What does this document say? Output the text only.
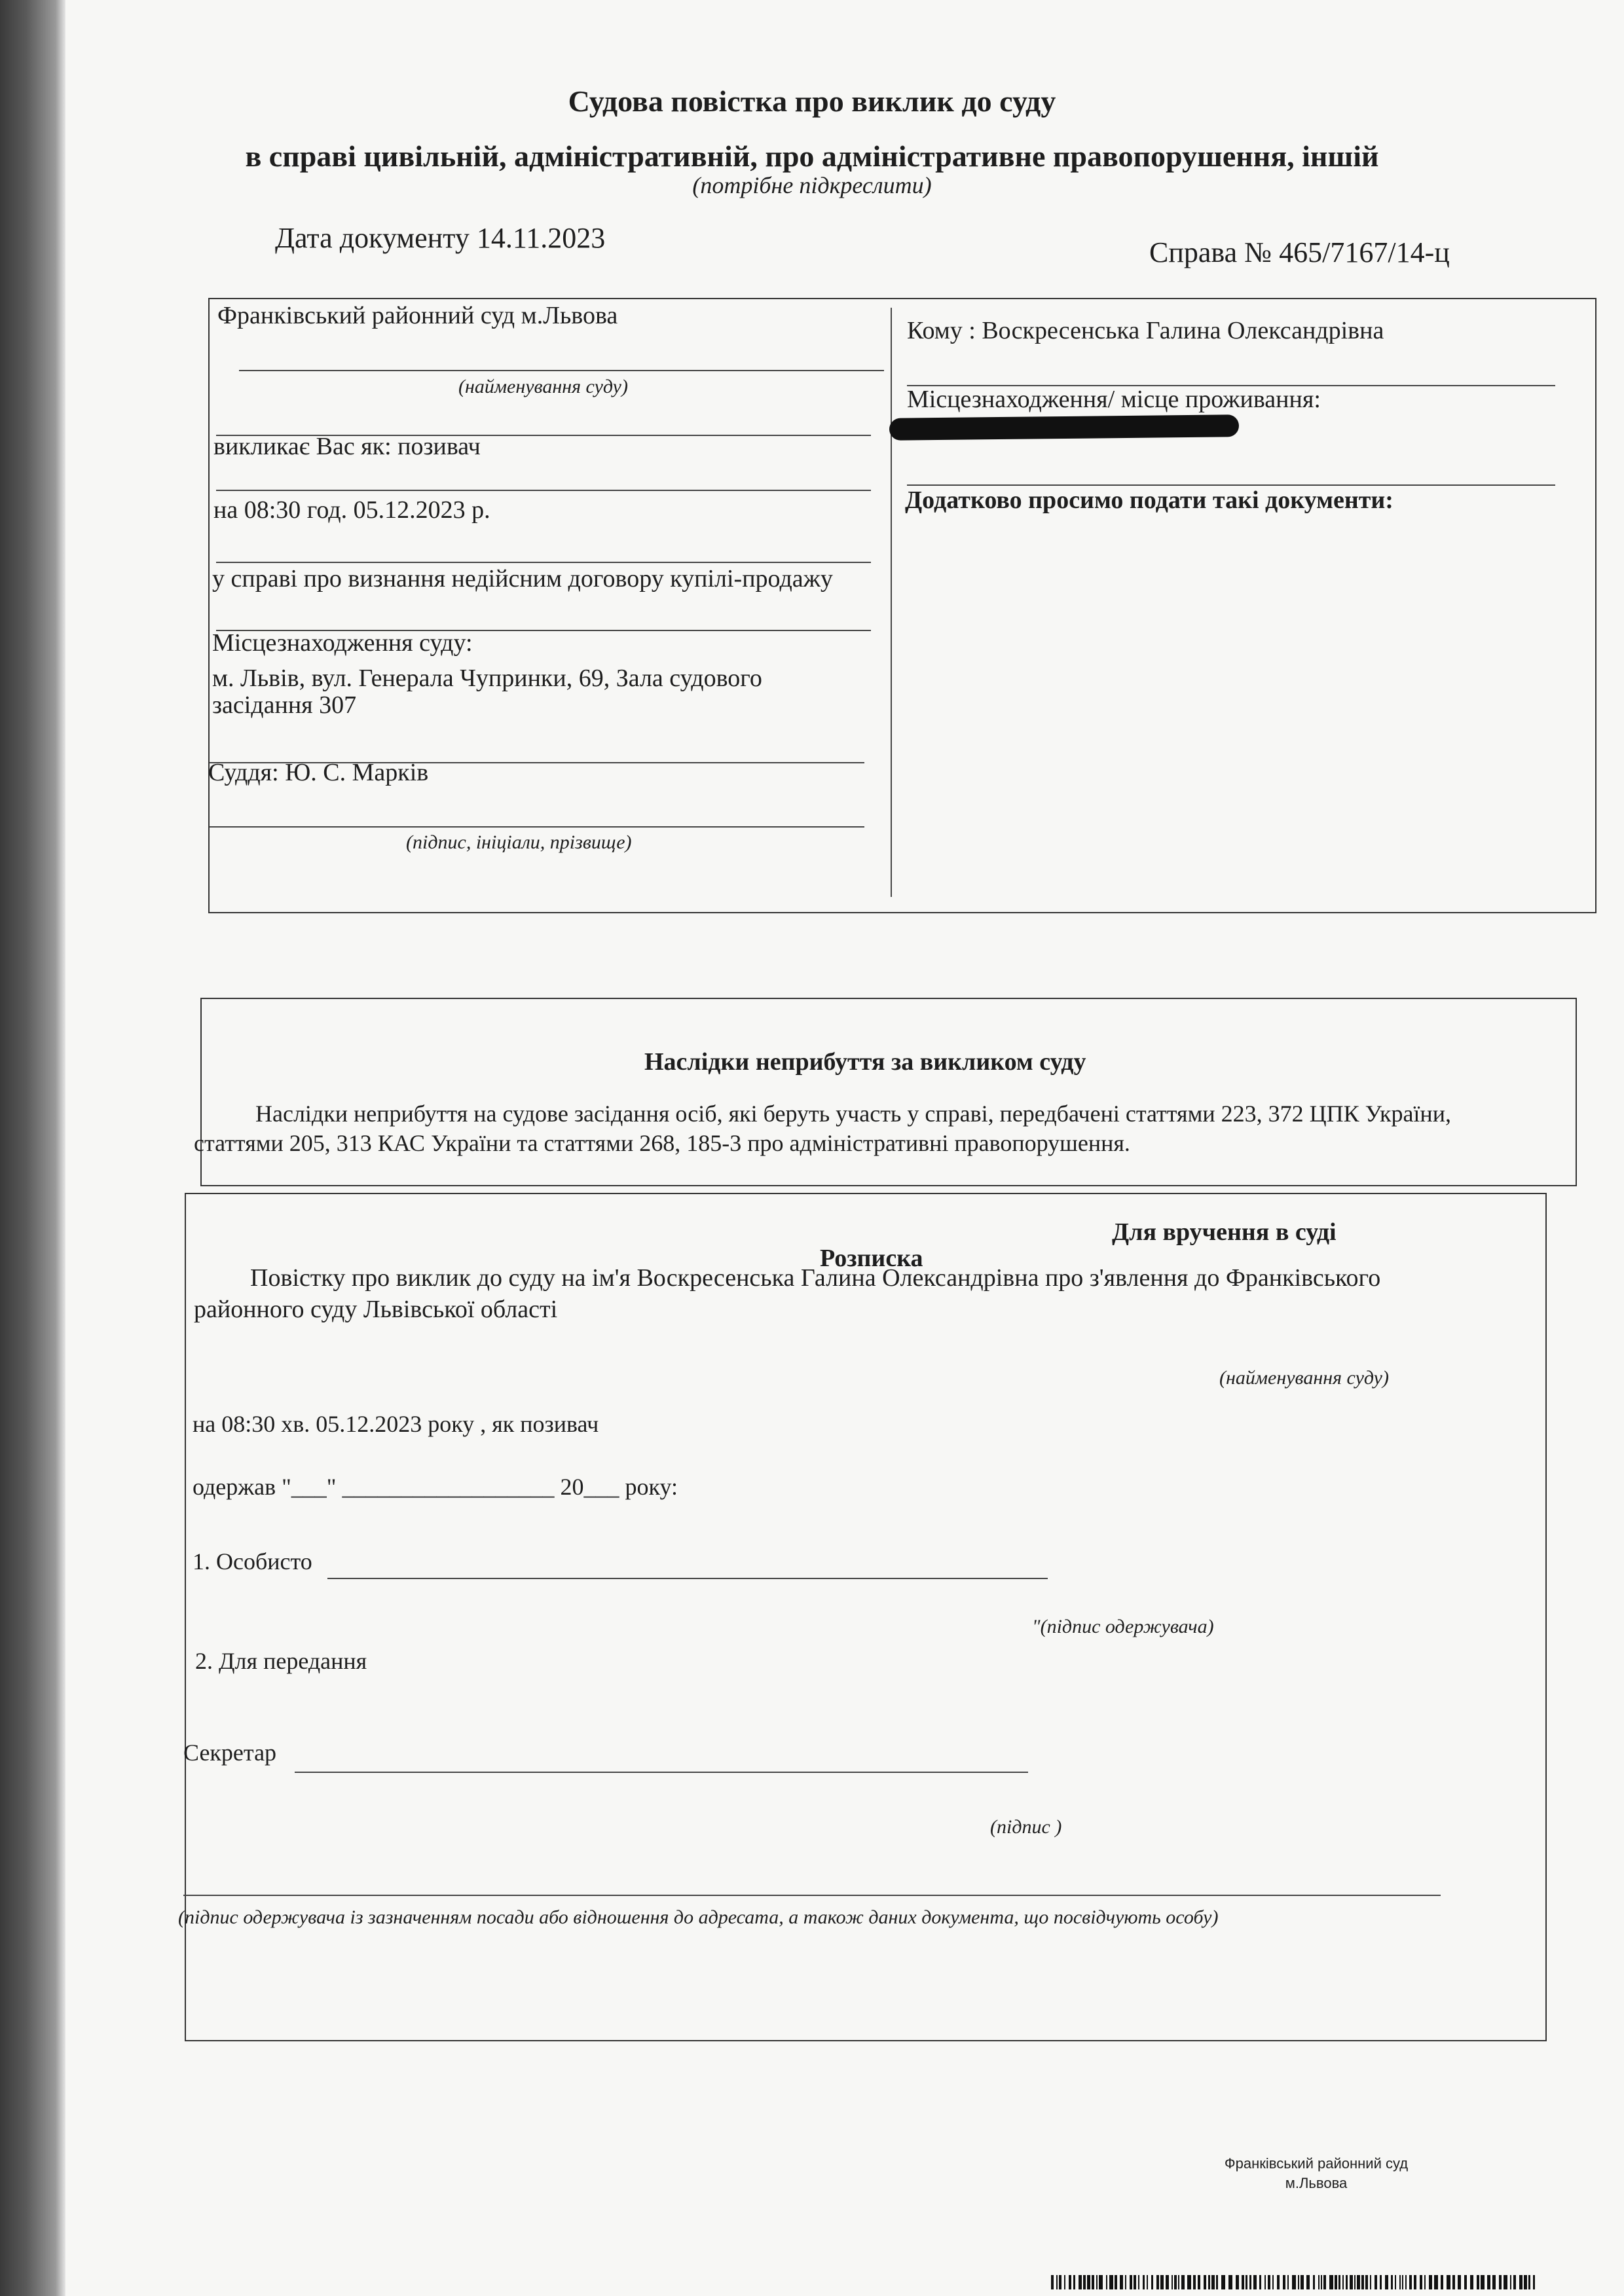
Судова повістка про виклик до суду
в справі цивільній, адміністративній, про адміністративне правопорушення, іншій
(потрібне підкреслити)
Дата документу 14.11.2023	Справа № 465/7167/14-ц
Франківський районний суд м.Львова
(найменування суду)
викликає Вас як: позивач
на 08:30 год. 05.12.2023 р.
у справі про визнання недійсним договору купілі-продажу
Місцезнаходження суду:
м. Львів, вул. Генерала Чупринки, 69, Зала судового
засідання 307
Суддя: Ю. С. Марків
(підпис, ініціали, прізвище)
Кому : Воскресенська Галина Олександрівна
Місцезнаходження/ місце проживання:
Додатково просимо подати такі документи:
Наслідки неприбуття за викликом суду
Наслідки неприбуття на судове засідання осіб, які беруть участь у справі, передбачені статтями 223, 372 ЦПК України,
статтями 205, 313 КАС України та статтями 268, 185-3 про адміністративні правопорушення.
Для вручення в суді
Розписка
Повістку про виклик до суду на ім'я Воскресенська Галина Олександрівна про з'явлення до Франківського
районного суду Львівської області
(найменування суду)
на 08:30 хв. 05.12.2023 року , як позивач
одержав "___" __________________ 20___ року:
1. Особисто
"(підпис одержувача)
2. Для передання
Секретар
(підпис )
(підпис одержувача із зазначенням посади або відношення до адресата, а також даних документа, що посвідчують особу)
Франківський районний суд
м.Львова
